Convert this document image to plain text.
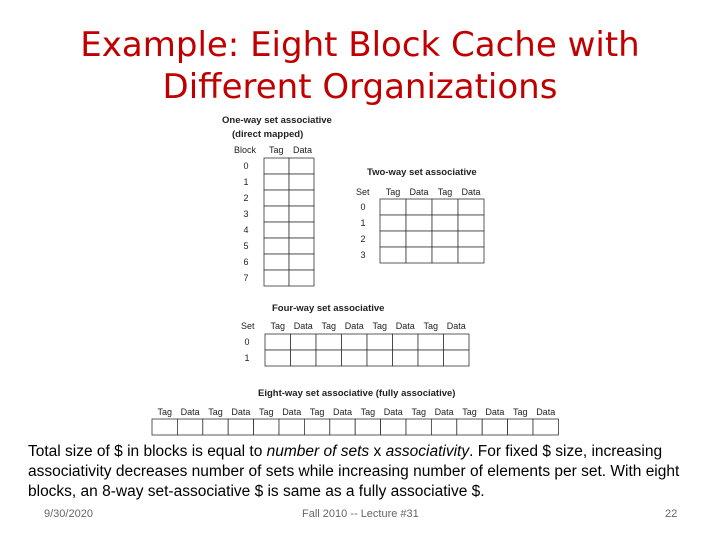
Example: Eight Block Cache with
Different Organizations
One-way set associative
(direct mapped)
Block Tag Data
0
1
2
3
4
5
6
7
Two-way set associative
Set Tag Data Tag Data
0
1
2
3
Four-way set associative
Set Tag Data Tag Data Tag Data Tag Data
0
1
Eight-way set associative (fully associative)
Tag Data Tag Data Tag Data Tag Data Tag Data Tag Data Tag Data Tag Data
Total size of $ in blocks is equal to number of sets x associativity. For fixed $ size, increasing associativity decreases number of sets while increasing number of elements per set. With eight blocks, an 8-way set-associative $ is same as a fully associative $.
9/30/2020	Fall 2010 -- Lecture #31	22
